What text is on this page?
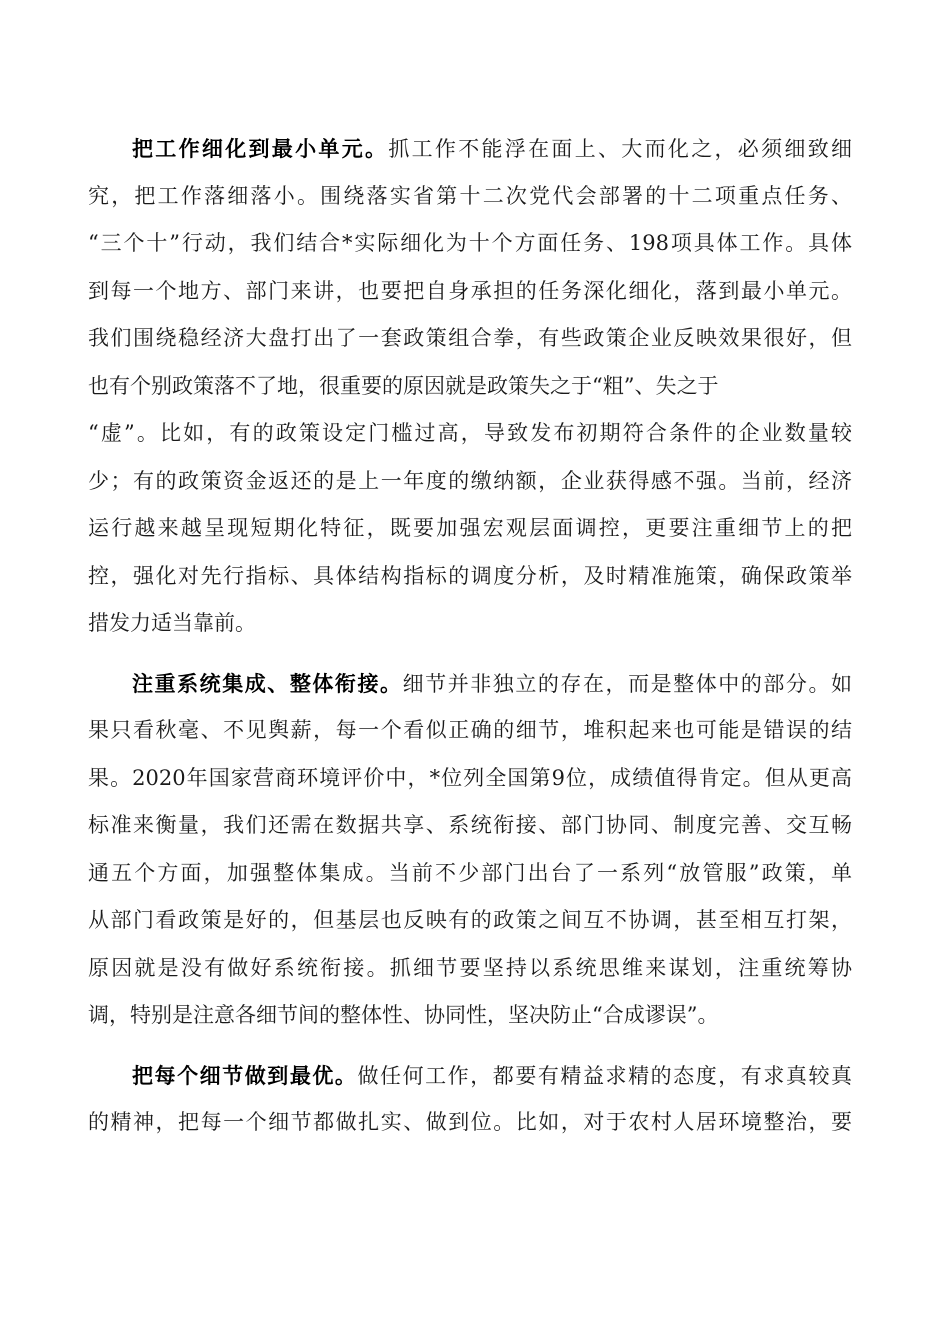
把工作细化到最小单元。抓工作不能浮在面上、大而化之，必须细致细
究，把工作落细落小。围绕落实省第十二次党代会部署的十二项重点任务、
“三个十”行动，我们结合*实际细化为十个方面任务、198项具体工作。具体
到每一个地方、部门来讲，也要把自身承担的任务深化细化，落到最小单元。
我们围绕稳经济大盘打出了一套政策组合拳，有些政策企业反映效果很好，但
也有个别政策落不了地，很重要的原因就是政策失之于“粗”、失之于
“虚”。比如，有的政策设定门槛过高，导致发布初期符合条件的企业数量较
少；有的政策资金返还的是上一年度的缴纳额，企业获得感不强。当前，经济
运行越来越呈现短期化特征，既要加强宏观层面调控，更要注重细节上的把
控，强化对先行指标、具体结构指标的调度分析，及时精准施策，确保政策举
措发力适当靠前。
注重系统集成、整体衔接。细节并非独立的存在，而是整体中的部分。如
果只看秋毫、不见舆薪，每一个看似正确的细节，堆积起来也可能是错误的结
果。2020年国家营商环境评价中，*位列全国第9位，成绩值得肯定。但从更高
标准来衡量，我们还需在数据共享、系统衔接、部门协同、制度完善、交互畅
通五个方面，加强整体集成。当前不少部门出台了一系列“放管服”政策，单
从部门看政策是好的，但基层也反映有的政策之间互不协调，甚至相互打架，
原因就是没有做好系统衔接。抓细节要坚持以系统思维来谋划，注重统筹协
调，特别是注意各细节间的整体性、协同性，坚决防止“合成谬误”。
把每个细节做到最优。做任何工作，都要有精益求精的态度，有求真较真
的精神，把每一个细节都做扎实、做到位。比如，对于农村人居环境整治，要
